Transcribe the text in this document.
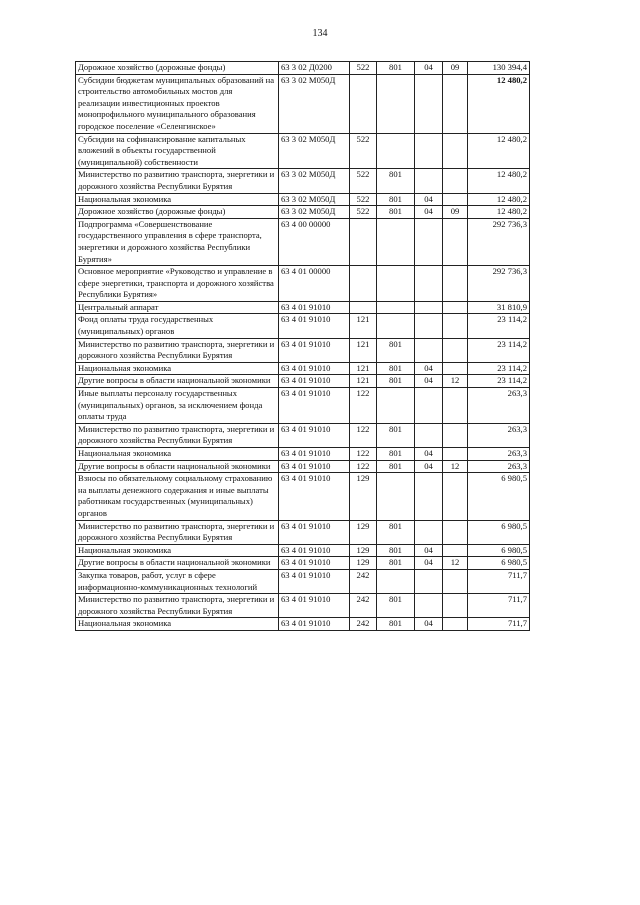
134
Дорожное хозяйство (дорожные фонды)	63 3 02 Д0200	522	801	04	09	130 394,4
Субсидии бюджетам муниципальных образований на строительство автомобильных мостов для реализации инвестиционных проектов монопрофильного муниципального образования городское поселение «Селенгинское»	63 3 02 М050Д					12 480,2
Субсидии на софинансирование капитальных вложений в объекты государственной (муниципальной) собственности	63 3 02 М050Д	522				12 480,2
Министерство по развитию транспорта, энергетики и дорожного хозяйства Республики Бурятия	63 3 02 М050Д	522	801			12 480,2
Национальная экономика	63 3 02 М050Д	522	801	04		12 480,2
Дорожное хозяйство (дорожные фонды)	63 3 02 М050Д	522	801	04	09	12 480,2
Подпрограмма «Совершенствование государственного управления в сфере транспорта, энергетики и дорожного хозяйства Республики Бурятия»	63 4 00 00000					292 736,3
Основное мероприятие «Руководство и управление в сфере энергетики, транспорта и дорожного хозяйства Республики Бурятия»	63 4 01 00000					292 736,3
Центральный аппарат	63 4 01 91010					31 810,9
Фонд оплаты труда государственных (муниципальных) органов	63 4 01 91010	121				23 114,2
Министерство по развитию транспорта, энергетики и дорожного хозяйства Республики Бурятия	63 4 01 91010	121	801			23 114,2
Национальная экономика	63 4 01 91010	121	801	04		23 114,2
Другие вопросы в области национальной экономики	63 4 01 91010	121	801	04	12	23 114,2
Иные выплаты персоналу государственных (муниципальных) органов, за исключением фонда оплаты труда	63 4 01 91010	122				263,3
Министерство по развитию транспорта, энергетики и дорожного хозяйства Республики Бурятия	63 4 01 91010	122	801			263,3
Национальная экономика	63 4 01 91010	122	801	04		263,3
Другие вопросы в области национальной экономики	63 4 01 91010	122	801	04	12	263,3
Взносы по обязательному социальному страхованию на выплаты денежного содержания и иные выплаты работникам государственных (муниципальных) органов	63 4 01 91010	129				6 980,5
Министерство по развитию транспорта, энергетики и дорожного хозяйства Республики Бурятия	63 4 01 91010	129	801			6 980,5
Национальная экономика	63 4 01 91010	129	801	04		6 980,5
Другие вопросы в области национальной экономики	63 4 01 91010	129	801	04	12	6 980,5
Закупка товаров, работ, услуг в сфере информационно-коммуникационных технологий	63 4 01 91010	242				711,7
Министерство по развитию транспорта, энергетики и дорожного хозяйства Республики Бурятия	63 4 01 91010	242	801			711,7
Национальная экономика	63 4 01 91010	242	801	04		711,7
